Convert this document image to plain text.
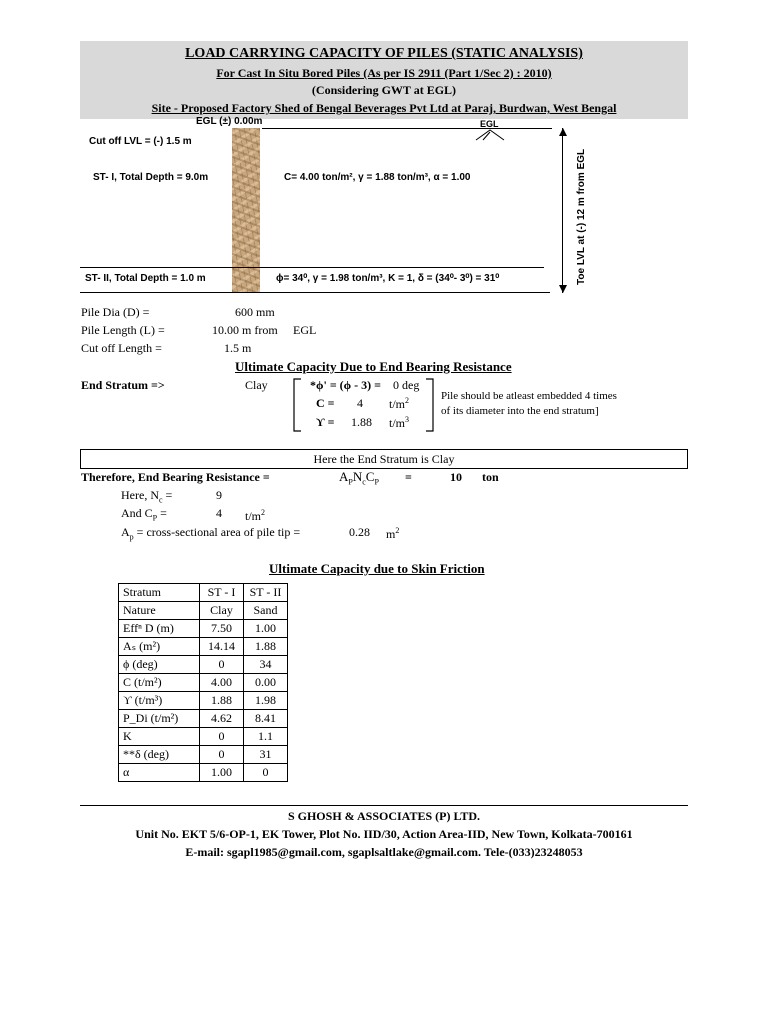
LOAD CARRYING CAPACITY OF PILES (STATIC ANALYSIS)
For Cast In Situ Bored Piles (As per IS 2911 (Part 1/Sec 2) : 2010)
(Considering GWT at EGL)
Site - Proposed Factory Shed of Bengal Beverages Pvt Ltd at Paraj, Burdwan, West Bengal
EGL (±) 0.00m	EGL
Cut off LVL = (-) 1.5 m
ST- I, Total Depth = 9.0m	C= 4.00 ton/m², γ = 1.88 ton/m³, α = 1.00
ST- II, Total Depth = 1.0 m	ϕ= 34⁰, γ = 1.98 ton/m³, K = 1, δ = (34⁰- 3⁰) = 31⁰	Toe LVL at (-) 12 m from EGL
Pile Dia (D) =	600 mm
Pile Length (L) =	10.00 m from EGL
Cut off Length =	1.5 m
Ultimate Capacity Due to End Bearing Resistance
End Stratum =>	Clay	*ϕ' = (ϕ - 3) = 0 deg
C = 4 $t/m^2$
ϒ = 1.88 $t/m^3$
Pile should be atleast embedded 4 times
of its diameter into the end stratum]
Here the End Stratum is Clay
Therefore, End Bearing Resistance =	$A_PN_cC_P$ =	10 ton
Here, $N_c$ =	9
And $C_P$ =	4 $t/m^2$
$A_p$ = cross-sectional area of pile tip =	0.28 $m^2$
Ultimate Capacity due to Skin Friction
Stratum	ST - I	ST - II
Nature	Clay	Sand
Effⁿ D (m)	7.50	1.00
Aₛ (m²)	14.14	1.88
ϕ (deg)	0	34
C (t/m²)	4.00	0.00
ϒ (t/m³)	1.88	1.98
P_Di (t/m²)	4.62	8.41
K	0	1.1
**δ (deg)	0	31
α	1.00	0
S GHOSH & ASSOCIATES (P) LTD.
Unit No. EKT 5/6-OP-1, EK Tower, Plot No. IID/30, Action Area-IID, New Town, Kolkata-700161
E-mail: sgapl1985@gmail.com, sgaplsaltlake@gmail.com. Tele-(033)23248053
